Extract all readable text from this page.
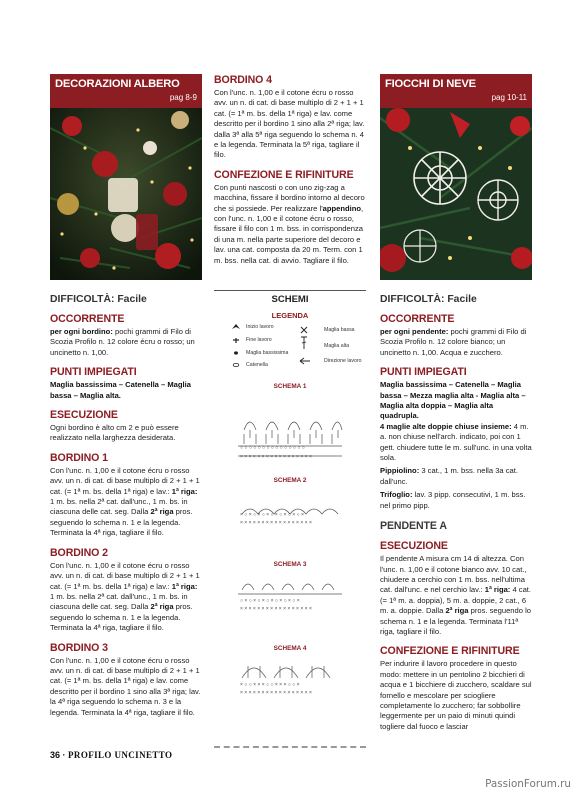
DECORAZIONI ALBERO
pag 8-9
DIFFICOLTÀ: Facile
OCCORRENTE
per ogni bordino: pochi grammi di Filo di Scozia Profilo n. 12 colore écru o rosso; un uncinetto n. 1,00.
PUNTI IMPIEGATI
Maglia bassissima – Catenella – Maglia bassa – Maglia alta.
ESECUZIONE
Ogni bordino è alto cm 2 e può essere realizzato nella larghezza desiderata.
BORDINO 1
Con l'unc. n. 1,00 e il cotone écru o rosso avv. un n. di cat. di base multiplo di 2 + 1 + 1 cat. (= 1ª m. bs. della 1ª riga) e lav.: 1ª riga: 1 m. bs. nella 2ª cat. dall'unc., 1 m. bs. in ciascuna delle cat. seg. Dalla 2ª riga pros. seguendo lo schema n. 1 e la legenda. Terminata la 4ª riga, tagliare il filo.
BORDINO 2
Con l'unc. n. 1,00 e il cotone écru o rosso avv. un n. di cat. di base multiplo di 2 + 1 + 1 cat. (= 1ª m. bs. della 1ª riga) e lav.: 1ª riga: 1 m. bs. nella 2ª cat. dall'unc., 1 m. bs. in ciascuna delle cat. seg. Dalla 2ª riga pros. seguendo lo schema n. 1 e la legenda. Terminata la 4ª riga, tagliare il filo.
BORDINO 3
Con l'unc. n. 1,00 e il cotone écru o rosso avv. un n. di cat. di base multiplo di 2 + 1 + 1 cat. (= 1ª m. bs. della 1ª riga) e lav. come descritto per il bordino 1 sino alla 3ª riga; lav. la 4ª riga seguendo lo schema n. 3 e la legenda. Terminata la 4ª riga, tagliare il filo.
BORDINO 4
Con l'unc. n. 1,00 e il cotone écru o rosso avv. un n. di cat. di base multiplo di 2 + 1 + 1 cat. (= 1ª m. bs. della 1ª riga) e lav. come descritto per il bordino 1 sino alla 2ª riga; lav. dalla 3ª alla 5ª riga seguendo lo schema n. 4 e la legenda. Terminata la 5ª riga, tagliare il filo.
CONFEZIONE E RIFINITURE
Con punti nascosti o con uno zig-zag a macchina, fissare il bordino intorno al decoro che si possiede. Per realizzare l'appendino, con l'unc. n. 1,00 e il cotone écru o rosso, fissare il filo con 1 m. bss. in corrispondenza di una m. nella parte superiore del decoro e lav. una cat. composta da 20 m. Term. con 1 m. bss. nella cat. di avvio. Tagliare il filo.
SCHEMI
LEGENDA
Inizio lavoro
Fine lavoro
Maglia bassissima
Catenella
Maglia bassa
Maglia alta
Direzione lavoro
SCHEMA 1
× × × × × × × × × × × × × × × × ×
○ ○ ○ ○ ○ ○ ○ ○ ○ ○ ○ ○ ○ ○ ○
SCHEMA 2
× ○ × ○ × ○ × ○ × ○ × ○ × ○ ×
× × × × × × × × × × × × × × × × ×
SCHEMA 3
○ × ○ × ○ × ○ × ○ × ○ × ○ ×
× × × × × × × × × × × × × × × × ×
SCHEMA 4
× ○ ○ × × × ○ ○ × × × ○ ○ ×
× × × × × × × × × × × × × × × × ×
FIOCCHI DI NEVE
pag 10-11
DIFFICOLTÀ: Facile
OCCORRENTE
per ogni pendente: pochi grammi di Filo di Scozia Profilo n. 12 colore bianco; un uncinetto n. 1,00. Acqua e zucchero.
PUNTI IMPIEGATI
Maglia bassissima – Catenella – Maglia bassa – Mezza maglia alta - Maglia alta – Maglia alta doppia – Maglia alta quadrupla.
4 maglie alte doppie chiuse insieme: 4 m. a. non chiuse nell'arch. indicato, poi con 1 gett. chiudere tutte le m. sull'unc. in una volta sola.
Pippiolino: 3 cat., 1 m. bss. nella 3a cat. dall'unc.
Trifoglio: lav. 3 pipp. consecutivi, 1 m. bss. nel primo pipp.
PENDENTE A
ESECUZIONE
Il pendente A misura cm 14 di altezza. Con l'unc. n. 1,00 e il cotone bianco avv. 10 cat., chiudere a cerchio con 1 m. bss. nell'ultima cat. dall'unc. e nel cerchio lav.: 1ª riga: 4 cat. (= 1ª m. a. doppia), 5 m. a. doppie, 2 cat., 6 m. a. doppie. Dalla 2ª riga pros. seguendo lo schema n. 1 e la legenda. Terminata l'11ª riga, tagliare il filo.
CONFEZIONE E RIFINITURE
Per indurire il lavoro procedere in questo modo: mettere in un pentolino 2 bicchieri di acqua e 1 bicchiere di zucchero, scaldare sul fornello e mescolare per sciogliere completamente lo zucchero; far sobbollire leggermente per un paio di minuti quindi togliere dal fuoco e lasciar
36 · PROFILO UNCINETTO
PassionForum.ru
